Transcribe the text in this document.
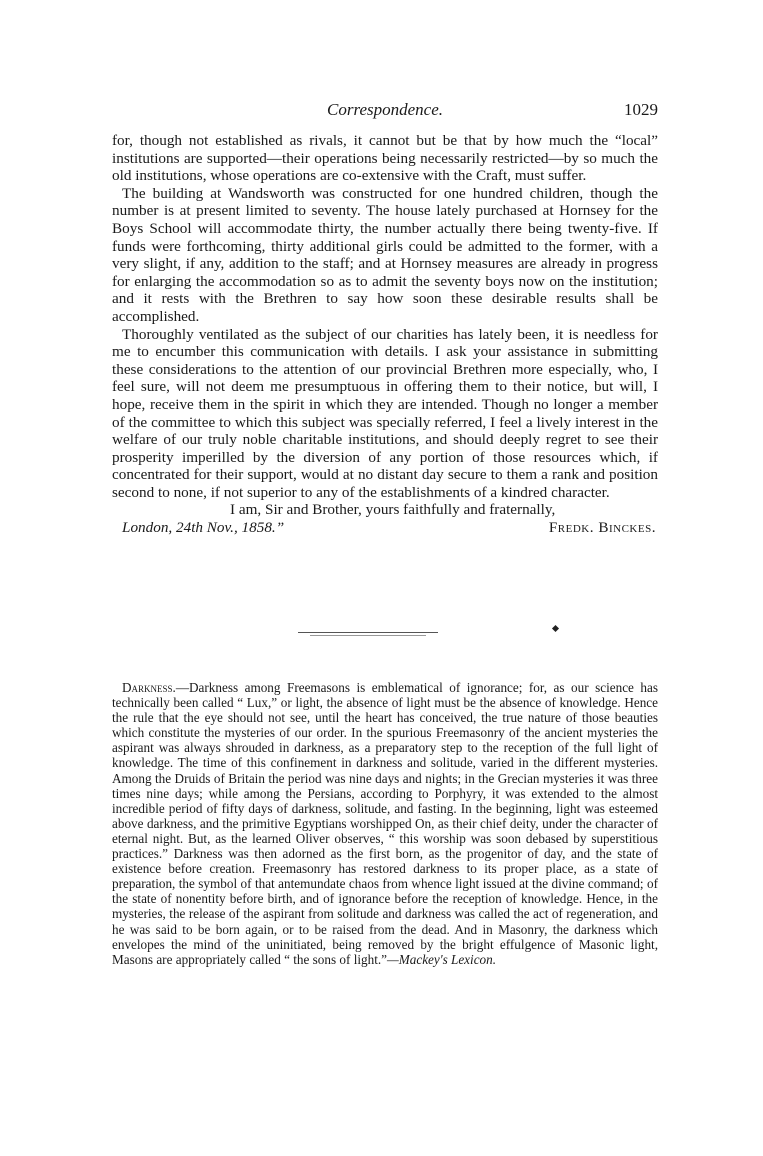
Correspondence.	1029

for, though not established as rivals, it cannot but be that by how much the “local” institutions are supported—their operations being necessarily restricted—by so much the old institutions, whose operations are co-extensive with the Craft, must suffer.

The building at Wandsworth was constructed for one hundred children, though the number is at present limited to seventy. The house lately purchased at Hornsey for the Boys School will accommodate thirty, the number actually there being twenty-five. If funds were forthcoming, thirty additional girls could be admitted to the former, with a very slight, if any, addition to the staff; and at Hornsey measures are already in progress for enlarging the accommodation so as to admit the seventy boys now on the institution; and it rests with the Brethren to say how soon these desirable results shall be accomplished.

Thoroughly ventilated as the subject of our charities has lately been, it is needless for me to encumber this communication with details. I ask your assistance in submitting these considerations to the attention of our provincial Brethren more especially, who, I feel sure, will not deem me presumptuous in offering them to their notice, but will, I hope, receive them in the spirit in which they are intended. Though no longer a member of the committee to which this subject was specially referred, I feel a lively interest in the welfare of our truly noble charitable institutions, and should deeply regret to see their prosperity imperilled by the diversion of any portion of those resources which, if concentrated for their support, would at no distant day secure to them a rank and position second to none, if not superior to any of the establishments of a kindred character.

I am, Sir and Brother, yours faithfully and fraternally,

London, 24th Nov., 1858.”	Fredk. Binckes.

Darkness.—Darkness among Freemasons is emblematical of ignorance; for, as our science has technically been called “ Lux,” or light, the absence of light must be the absence of knowledge. Hence the rule that the eye should not see, until the heart has conceived, the true nature of those beauties which constitute the mysteries of our order. In the spurious Freemasonry of the ancient mysteries the aspirant was always shrouded in darkness, as a preparatory step to the reception of the full light of knowledge. The time of this confinement in darkness and solitude, varied in the different mysteries. Among the Druids of Britain the period was nine days and nights; in the Grecian mysteries it was three times nine days; while among the Persians, according to Porphyry, it was extended to the almost incredible period of fifty days of darkness, solitude, and fasting. In the beginning, light was esteemed above darkness, and the primitive Egyptians worshipped On, as their chief deity, under the character of eternal night. But, as the learned Oliver observes, “ this worship was soon debased by superstitious practices.” Darkness was then adorned as the first born, as the progenitor of day, and the state of existence before creation. Freemasonry has restored darkness to its proper place, as a state of preparation, the symbol of that antemundate chaos from whence light issued at the divine command; of the state of nonentity before birth, and of ignorance before the reception of knowledge. Hence, in the mysteries, the release of the aspirant from solitude and darkness was called the act of regeneration, and he was said to be born again, or to be raised from the dead. And in Masonry, the darkness which envelopes the mind of the uninitiated, being removed by the bright effulgence of Masonic light, Masons are appropriately called “ the sons of light.”—Mackey's Lexicon.
